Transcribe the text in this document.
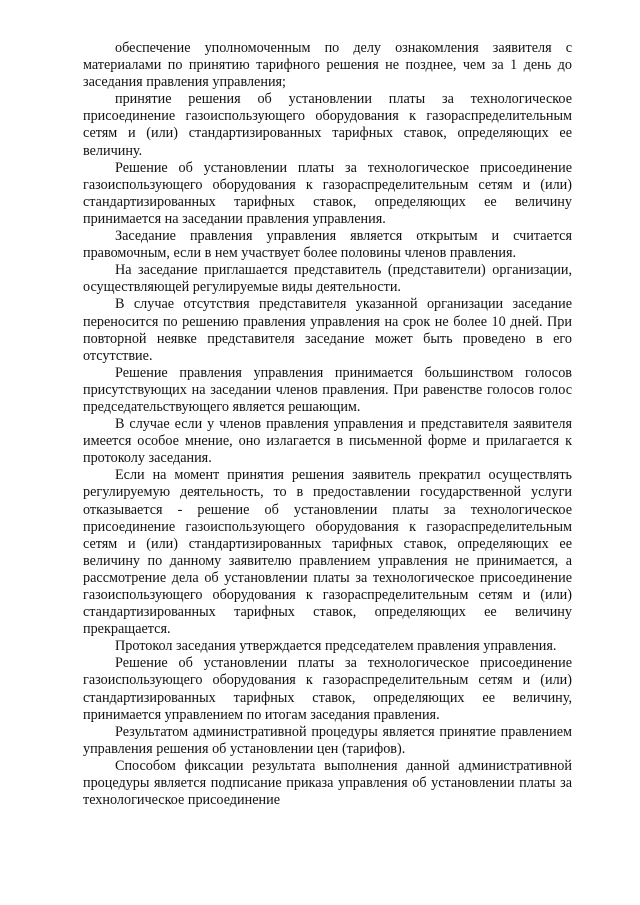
обеспечение уполномоченным по делу ознакомления заявителя с материалами по принятию тарифного решения не позднее, чем за 1 день до заседания правления управления;

принятие решения об установлении платы за технологическое присоединение газоиспользующего оборудования к газораспределительным сетям и (или) стандартизированных тарифных ставок, определяющих ее величину.

Решение об установлении платы за технологическое присоединение газоиспользующего оборудования к газораспределительным сетям и (или) стандартизированных тарифных ставок, определяющих ее величину принимается на заседании правления управления.

Заседание правления управления является открытым и считается правомочным, если в нем участвует более половины членов правления.

На заседание приглашается представитель (представители) организации, осуществляющей регулируемые виды деятельности.

В случае отсутствия представителя указанной организации заседание переносится по решению правления управления на срок не более 10 дней. При повторной неявке представителя заседание может быть проведено в его отсутствие.

Решение правления управления принимается большинством голосов присутствующих на заседании членов правления. При равенстве голосов голос председательствующего является решающим.

В случае если у членов правления управления и представителя заявителя имеется особое мнение, оно излагается в письменной форме и прилагается к протоколу заседания.

Если на момент принятия решения заявитель прекратил осуществлять регулируемую деятельность, то в предоставлении государственной услуги отказывается - решение об установлении платы за технологическое присоединение газоиспользующего оборудования к газораспределительным сетям и (или) стандартизированных тарифных ставок, определяющих ее величину по данному заявителю правлением управления не принимается, а рассмотрение дела об установлении платы за технологическое присоединение газоиспользующего оборудования к газораспределительным сетям и (или) стандартизированных тарифных ставок, определяющих ее величину прекращается.

Протокол заседания утверждается председателем правления управления.

Решение об установлении платы за технологическое присоединение газоиспользующего оборудования к газораспределительным сетям и (или) стандартизированных тарифных ставок, определяющих ее величину, принимается управлением по итогам заседания правления.

Результатом административной процедуры является принятие правлением управления решения об установлении цен (тарифов).

Способом фиксации результата выполнения данной административной процедуры является подписание приказа управления об установлении платы за технологическое присоединение
